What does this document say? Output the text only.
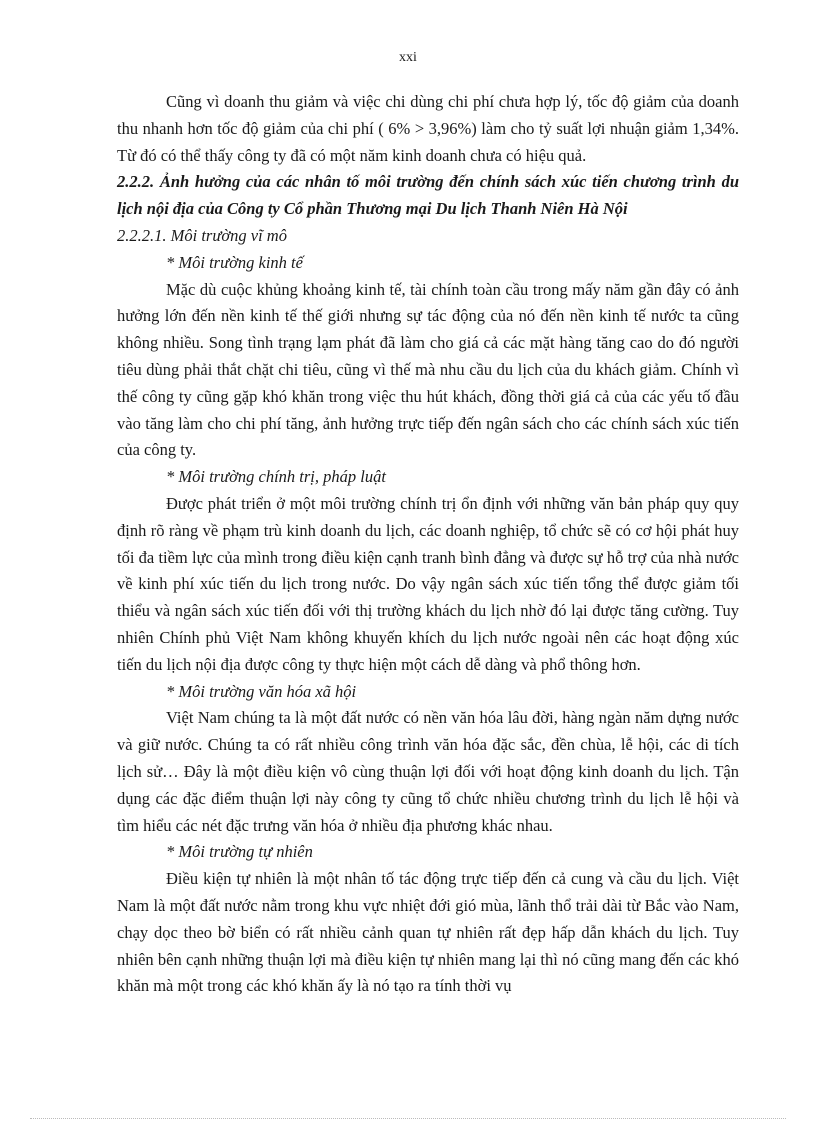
xxi

Cũng vì doanh thu giảm và việc chi dùng chi phí chưa hợp lý, tốc độ giảm của doanh thu nhanh hơn tốc độ giảm của chi phí ( 6% > 3,96%) làm cho tỷ suất lợi nhuận giảm 1,34%. Từ đó có thể thấy công ty đã có một năm kinh doanh chưa có hiệu quả.

2.2.2. Ảnh hưởng của các nhân tố môi trường đến chính sách xúc tiến chương trình du lịch nội địa của Công ty Cổ phần Thương mại Du lịch Thanh Niên Hà Nội

2.2.2.1. Môi trường vĩ mô

* Môi trường kinh tế

Mặc dù cuộc khủng khoảng kinh tế, tài chính toàn cầu trong mấy năm gần đây có ảnh hưởng lớn đến nền kinh tế thế giới nhưng sự tác động của nó đến nền kinh tế nước ta cũng không nhiều. Song tình trạng lạm phát đã làm cho giá cả các mặt hàng tăng cao do đó người tiêu dùng phải thắt chặt chi tiêu, cũng vì thế mà nhu cầu du lịch của du khách giảm. Chính vì thế công ty cũng gặp khó khăn trong việc thu hút khách, đồng thời giá cả của các yếu tố đầu vào tăng làm cho chi phí tăng, ảnh hưởng trực tiếp đến ngân sách cho các chính sách xúc tiến của công ty.

* Môi trường chính trị, pháp luật

Được phát triển ở một môi trường chính trị ổn định với những văn bản pháp quy quy định rõ ràng về phạm trù kinh doanh du lịch, các doanh nghiệp, tổ chức sẽ có cơ hội phát huy tối đa tiềm lực của mình trong điều kiện cạnh tranh bình đẳng và được sự hỗ trợ của nhà nước về kinh phí xúc tiến du lịch trong nước. Do vậy ngân sách xúc tiến tổng thể được giảm tối thiểu và ngân sách xúc tiến đối với thị trường khách du lịch nhờ đó lại được tăng cường. Tuy nhiên Chính phủ Việt Nam không khuyến khích du lịch nước ngoài nên các hoạt động xúc tiến du lịch nội địa được công ty thực hiện một cách dễ dàng và phổ thông hơn.

* Môi trường văn hóa xã hội

Việt Nam chúng ta là một đất nước có nền văn hóa lâu đời, hàng ngàn năm dựng nước và giữ nước. Chúng ta có rất nhiều công trình văn hóa đặc sắc, đền chùa, lễ hội, các di tích lịch sử… Đây là một điều kiện vô cùng thuận lợi đối với hoạt động kinh doanh du lịch. Tận dụng các đặc điểm thuận lợi này công ty cũng tổ chức nhiều chương trình du lịch lễ hội và tìm hiểu các nét đặc trưng văn hóa ở nhiều địa phương khác nhau.

* Môi trường tự nhiên

Điều kiện tự nhiên là một nhân tố tác động trực tiếp đến cả cung và cầu du lịch. Việt Nam là một đất nước nằm trong khu vực nhiệt đới gió mùa, lãnh thổ trải dài từ Bắc vào Nam, chạy dọc theo bờ biển có rất nhiều cảnh quan tự nhiên rất đẹp hấp dẫn khách du lịch. Tuy nhiên bên cạnh những thuận lợi mà điều kiện tự nhiên mang lại thì nó cũng mang đến các khó khăn mà một trong các khó khăn ấy là nó tạo ra tính thời vụ
